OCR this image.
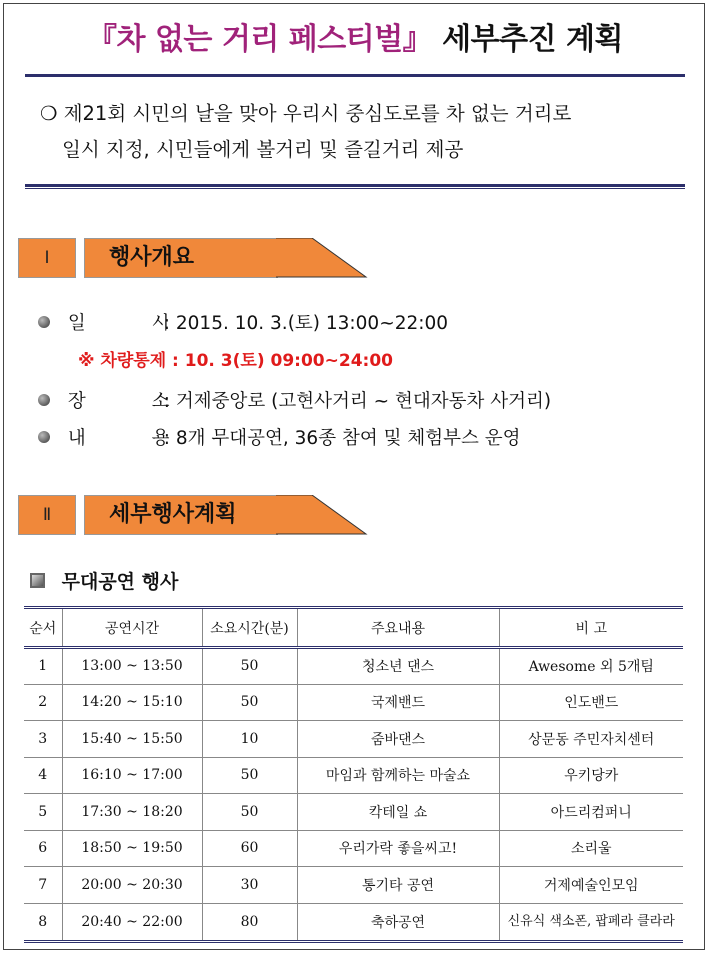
『차 없는 거리 페스티벌』 세부추진 계획
❍ 제21회 시민의 날을 맞아 우리시 중심도로를 차 없는 거리로
일시 지정, 시민들에게 볼거리 및 즐길거리 제공
Ⅰ	행사개요
일 시 : 2015. 10. 3.(토) 13:00~22:00
※ 차량통제 : 10. 3(토) 09:00~24:00
장 소 : 거제중앙로 (고현사거리 ~ 현대자동차 사거리)
내 용 : 8개 무대공연, 36종 참여 및 체험부스 운영
Ⅱ	세부행사계획
무대공연 행사
순서	공연시간	소요시간(분)	주요내용	비 고
1	13:00 ~ 13:50	50	청소년 댄스	Awesome 외 5개팀
2	14:20 ~ 15:10	50	국제밴드	인도밴드
3	15:40 ~ 15:50	10	줌바댄스	상문동 주민자치센터
4	16:10 ~ 17:00	50	마임과 함께하는 마술쇼	우키당카
5	17:30 ~ 18:20	50	칵테일 쇼	아드리컴퍼니
6	18:50 ~ 19:50	60	우리가락 좋을씨고!	소리울
7	20:00 ~ 20:30	30	통기타 공연	거제예술인모임
8	20:40 ~ 22:00	80	축하공연	신유식 색소폰, 팝페라 클라라
